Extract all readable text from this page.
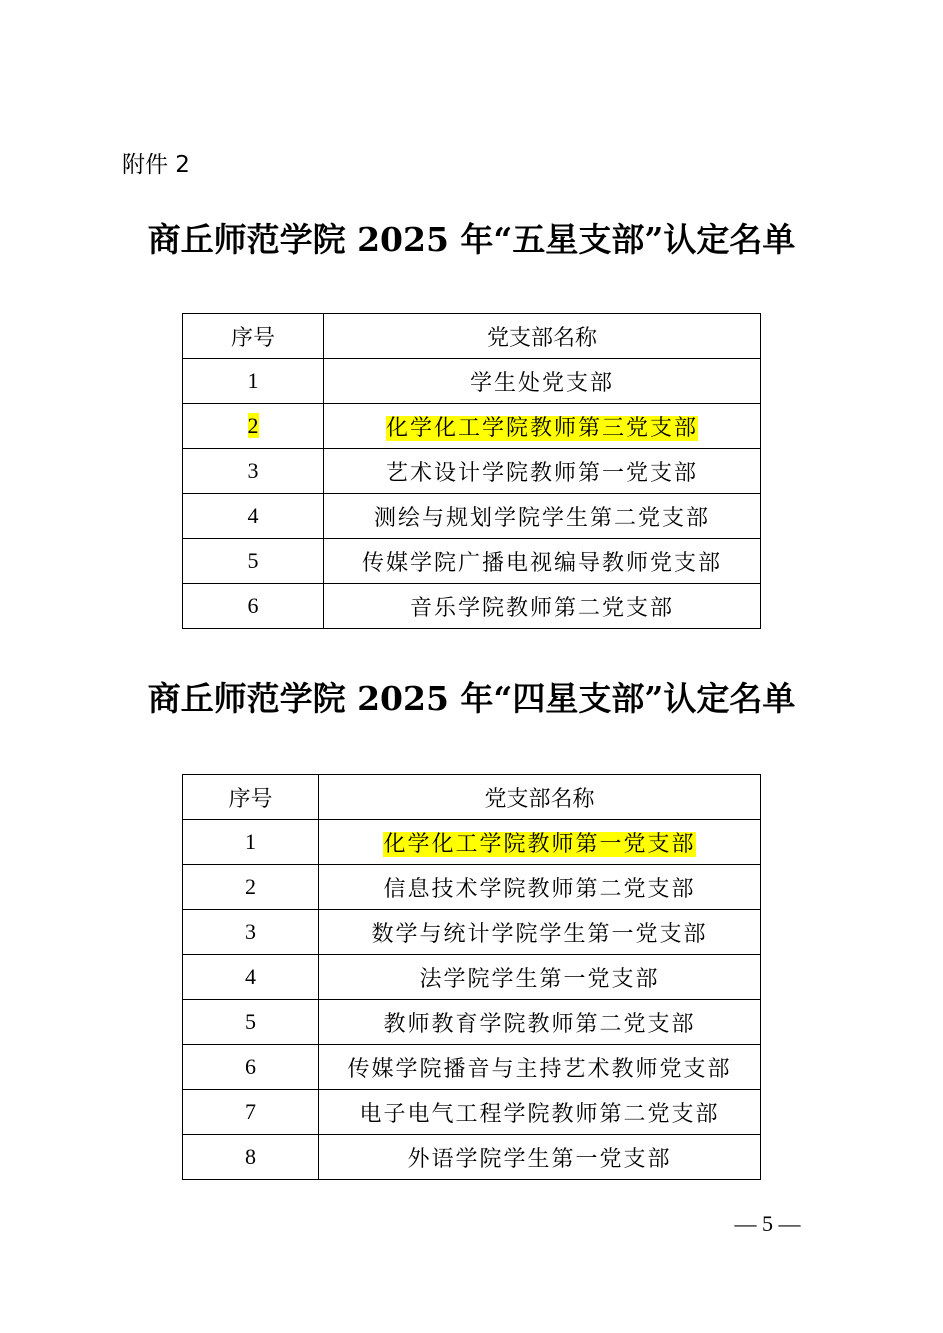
附件 2
商丘师范学院 2025 年“五星支部”认定名单
序号	党支部名称
1	学生处党支部
2	化学化工学院教师第三党支部
3	艺术设计学院教师第一党支部
4	测绘与规划学院学生第二党支部
5	传媒学院广播电视编导教师党支部
6	音乐学院教师第二党支部
商丘师范学院 2025 年“四星支部”认定名单
序号	党支部名称
1	化学化工学院教师第一党支部
2	信息技术学院教师第二党支部
3	数学与统计学院学生第一党支部
4	法学院学生第一党支部
5	教师教育学院教师第二党支部
6	传媒学院播音与主持艺术教师党支部
7	电子电气工程学院教师第二党支部
8	外语学院学生第一党支部
— 5 —
